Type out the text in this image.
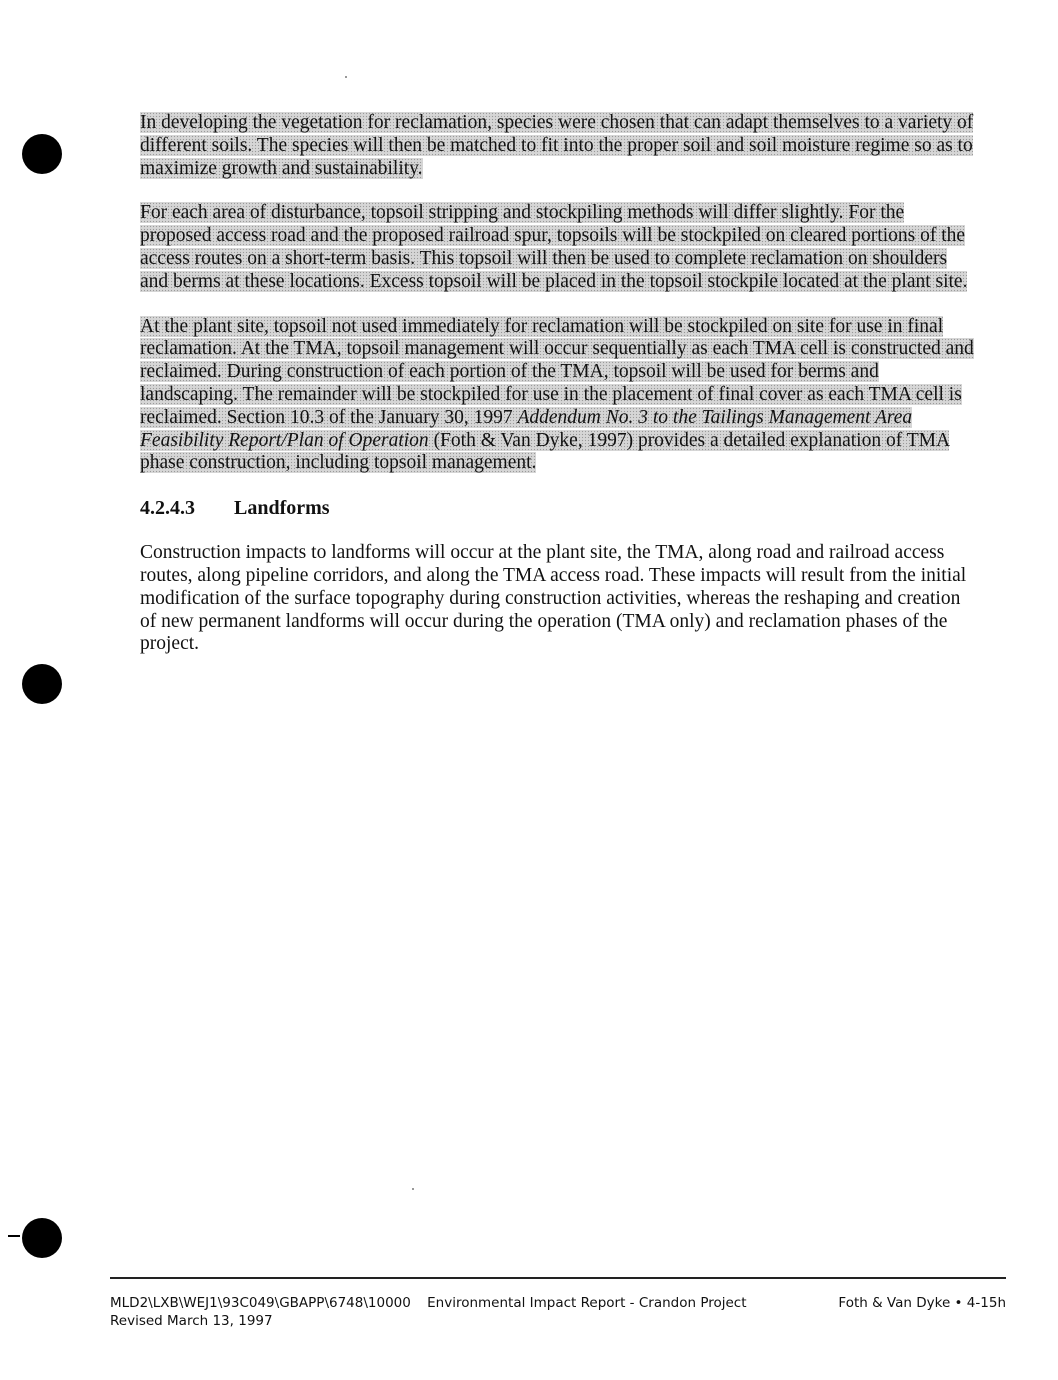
In developing the vegetation for reclamation, species were chosen that can adapt themselves to a variety of different soils. The species will then be matched to fit into the proper soil and soil moisture regime so as to maximize growth and sustainability.

For each area of disturbance, topsoil stripping and stockpiling methods will differ slightly. For the proposed access road and the proposed railroad spur, topsoils will be stockpiled on cleared portions of the access routes on a short-term basis. This topsoil will then be used to complete reclamation on shoulders and berms at these locations. Excess topsoil will be placed in the topsoil stockpile located at the plant site.

At the plant site, topsoil not used immediately for reclamation will be stockpiled on site for use in final reclamation. At the TMA, topsoil management will occur sequentially as each TMA cell is constructed and reclaimed. During construction of each portion of the TMA, topsoil will be used for berms and landscaping. The remainder will be stockpiled for use in the placement of final cover as each TMA cell is reclaimed. Section 10.3 of the January 30, 1997 Addendum No. 3 to the Tailings Management Area Feasibility Report/Plan of Operation (Foth & Van Dyke, 1997) provides a detailed explanation of TMA phase construction, including topsoil management.

4.2.4.3	Landforms

Construction impacts to landforms will occur at the plant site, the TMA, along road and railroad access routes, along pipeline corridors, and along the TMA access road. These impacts will result from the initial modification of the surface topography during construction activities, whereas the reshaping and creation of new permanent landforms will occur during the operation (TMA only) and reclamation phases of the project.

MLD2\LXB\WEJ1\93C049\GBAPP\6748\10000 Environmental Impact Report - Crandon Project	Foth & Van Dyke • 4-15h
Revised March 13, 1997
